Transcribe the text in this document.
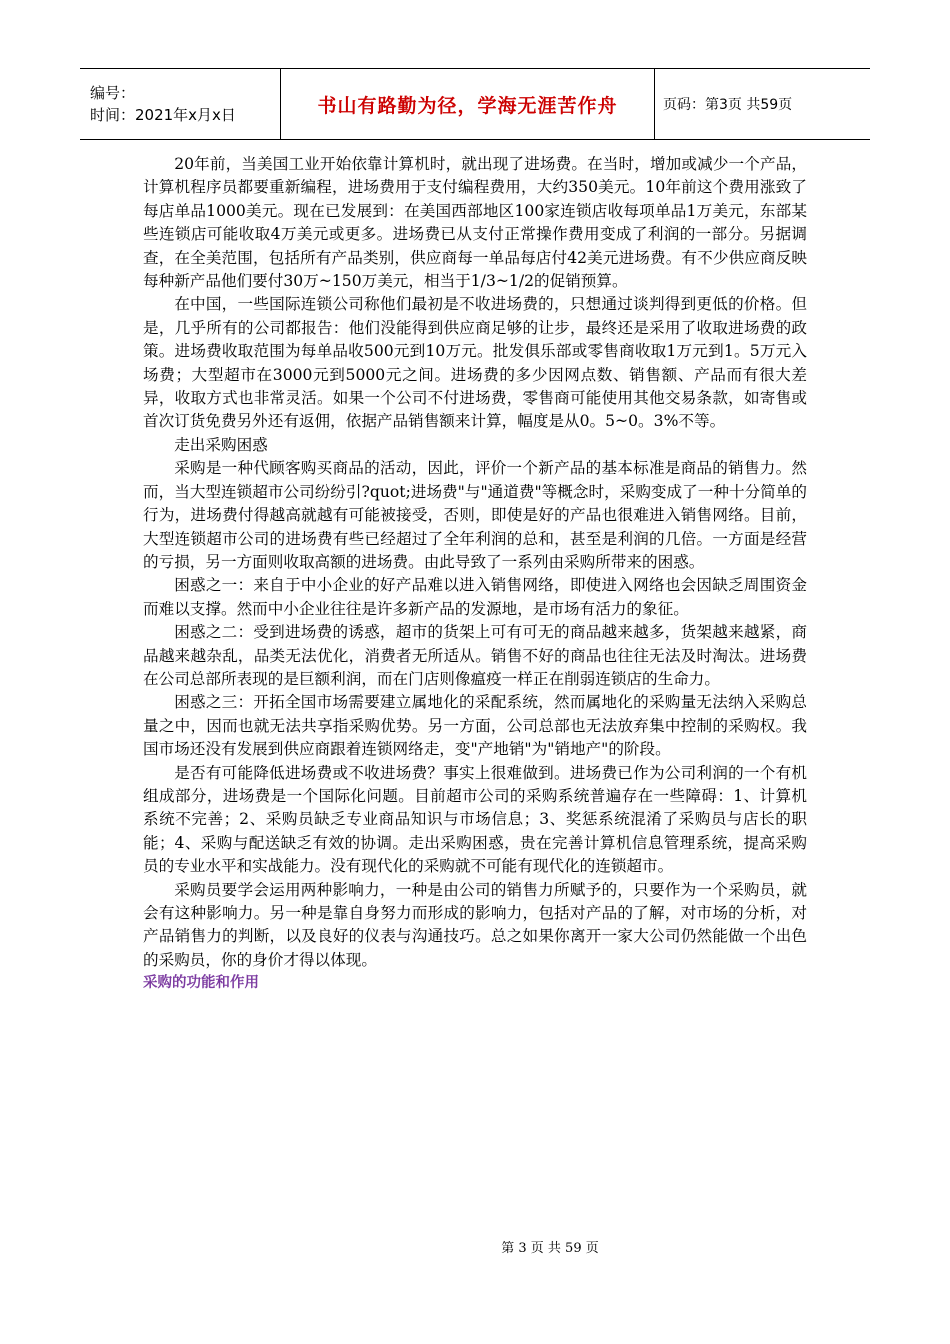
编号：
时间：2021年x月x日	书山有路勤为径，学海无涯苦作舟	页码：第3页 共59页

20年前，当美国工业开始依靠计算机时，就出现了进场费。在当时，增加或减少一个产品，计算机程序员都要重新编程，进场费用于支付编程费用，大约350美元。10年前这个费用涨致了每店单品1000美元。现在已发展到：在美国西部地区100家连锁店收每项单品1万美元，东部某些连锁店可能收取4万美元或更多。进场费已从支付正常操作费用变成了利润的一部分。另据调查，在全美范围，包括所有产品类别，供应商每一单品每店付42美元进场费。有不少供应商反映每种新产品他们要付30万~150万美元，相当于1/3~1/2的促销预算。

在中国，一些国际连锁公司称他们最初是不收进场费的，只想通过谈判得到更低的价格。但是，几乎所有的公司都报告：他们没能得到供应商足够的让步，最终还是采用了收取进场费的政策。进场费收取范围为每单品收500元到10万元。批发俱乐部或零售商收取1万元到1。5万元入场费；大型超市在3000元到5000元之间。进场费的多少因网点数、销售额、产品而有很大差异，收取方式也非常灵活。如果一个公司不付进场费，零售商可能使用其他交易条款，如寄售或首次订货免费另外还有返佣，依据产品销售额来计算，幅度是从0。5~0。3%不等。

走出采购困惑

采购是一种代顾客购买商品的活动，因此，评价一个新产品的基本标准是商品的销售力。然而，当大型连锁超市公司纷纷引?quot;进场费"与"通道费"等概念时，采购变成了一种十分简单的行为，进场费付得越高就越有可能被接受，否则，即使是好的产品也很难进入销售网络。目前，大型连锁超市公司的进场费有些已经超过了全年利润的总和，甚至是利润的几倍。一方面是经营的亏损，另一方面则收取高额的进场费。由此导致了一系列由采购所带来的困惑。

困惑之一：来自于中小企业的好产品难以进入销售网络，即使进入网络也会因缺乏周围资金而难以支撑。然而中小企业往往是许多新产品的发源地，是市场有活力的象征。

困惑之二：受到进场费的诱惑，超市的货架上可有可无的商品越来越多，货架越来越紧，商品越来越杂乱，品类无法优化，消费者无所适从。销售不好的商品也往往无法及时淘汰。进场费在公司总部所表现的是巨额利润，而在门店则像瘟疫一样正在削弱连锁店的生命力。

困惑之三：开拓全国市场需要建立属地化的采配系统，然而属地化的采购量无法纳入采购总量之中，因而也就无法共享指采购优势。另一方面，公司总部也无法放弃集中控制的采购权。我国市场还没有发展到供应商跟着连锁网络走，变"产地销"为"销地产"的阶段。

是否有可能降低进场费或不收进场费？事实上很难做到。进场费已作为公司利润的一个有机组成部分，进场费是一个国际化问题。目前超市公司的采购系统普遍存在一些障碍：1、计算机系统不完善；2、采购员缺乏专业商品知识与市场信息；3、奖惩系统混淆了采购员与店长的职能；4、采购与配送缺乏有效的协调。走出采购困惑，贵在完善计算机信息管理系统，提高采购员的专业水平和实战能力。没有现代化的采购就不可能有现代化的连锁超市。

采购员要学会运用两种影响力，一种是由公司的销售力所赋予的，只要作为一个采购员，就会有这种影响力。另一种是靠自身努力而形成的影响力，包括对产品的了解，对市场的分析，对产品销售力的判断，以及良好的仪表与沟通技巧。总之如果你离开一家大公司仍然能做一个出色的采购员，你的身价才得以体现。

采购的功能和作用

第 3 页 共 59 页
